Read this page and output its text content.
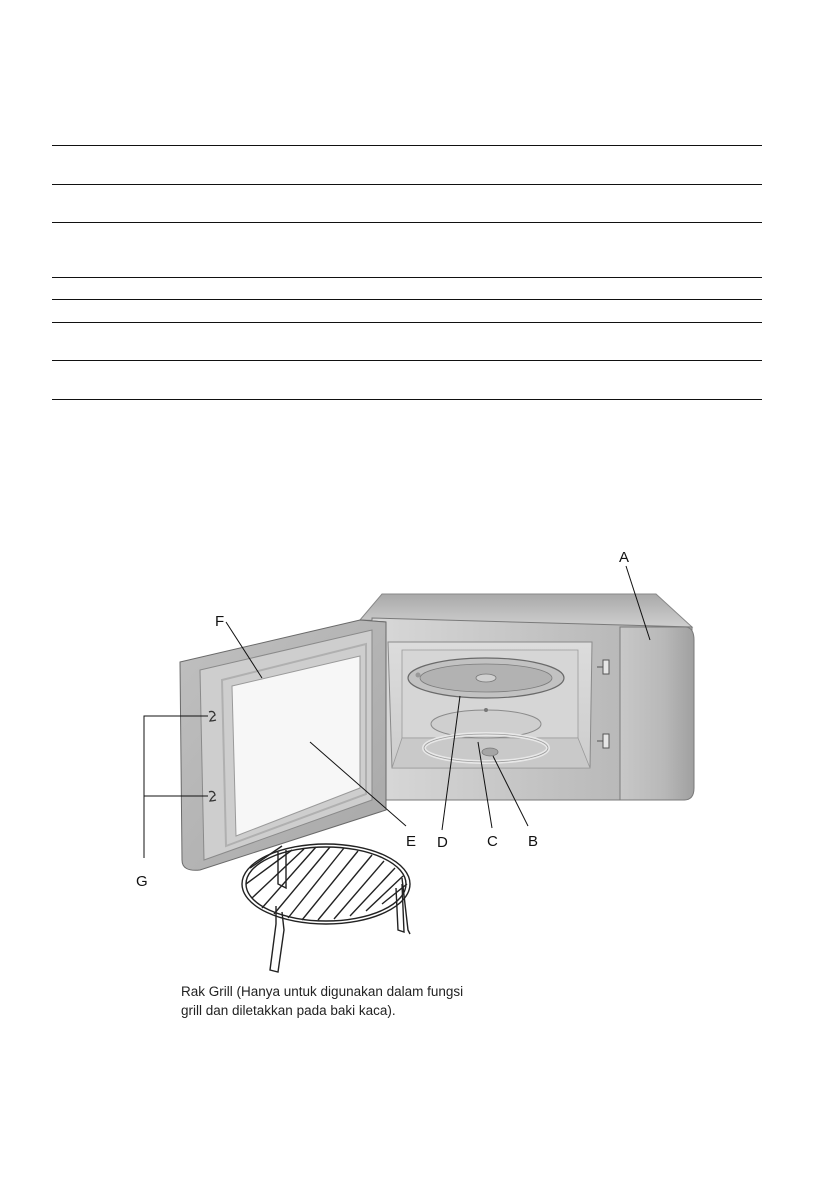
A
F
E D	C B
G
Rak Grill (Hanya untuk digunakan dalam fungsi
grill dan diletakkan pada baki kaca).
